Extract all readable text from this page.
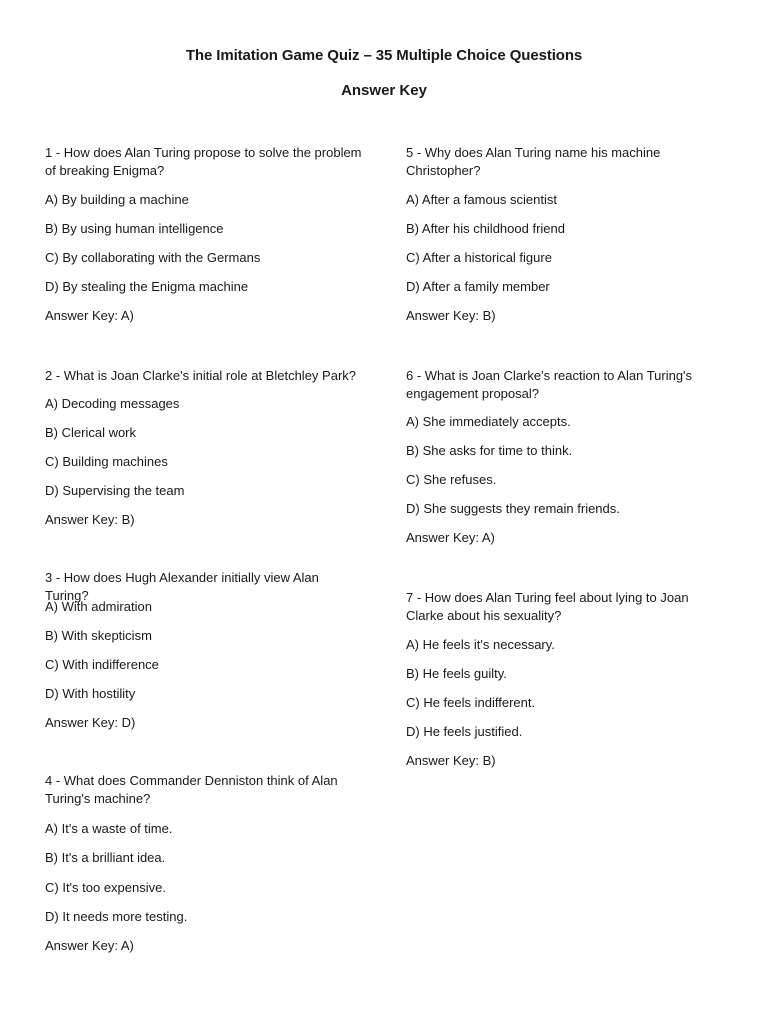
The Imitation Game Quiz – 35 Multiple Choice Questions
Answer Key

1 - How does Alan Turing propose to solve the problem of breaking Enigma?

A) By building a machine

B) By using human intelligence

C) By collaborating with the Germans

D) By stealing the Enigma machine

Answer Key: A)

2 - What is Joan Clarke's initial role at Bletchley Park?

A) Decoding messages

B) Clerical work

C) Building machines

D) Supervising the team

Answer Key: B)

3 - How does Hugh Alexander initially view Alan Turing?

A) With admiration

B) With skepticism

C) With indifference

D) With hostility

Answer Key: D)

4 - What does Commander Denniston think of Alan Turing's machine?

A) It's a waste of time.

B) It's a brilliant idea.

C) It's too expensive.

D) It needs more testing.

Answer Key: A)

5 - Why does Alan Turing name his machine Christopher?

A) After a famous scientist

B) After his childhood friend

C) After a historical figure

D) After a family member

Answer Key: B)

6 - What is Joan Clarke's reaction to Alan Turing's engagement proposal?

A) She immediately accepts.

B) She asks for time to think.

C) She refuses.

D) She suggests they remain friends.

Answer Key: A)

7 - How does Alan Turing feel about lying to Joan Clarke about his sexuality?

A) He feels it's necessary.

B) He feels guilty.

C) He feels indifferent.

D) He feels justified.

Answer Key: B)
